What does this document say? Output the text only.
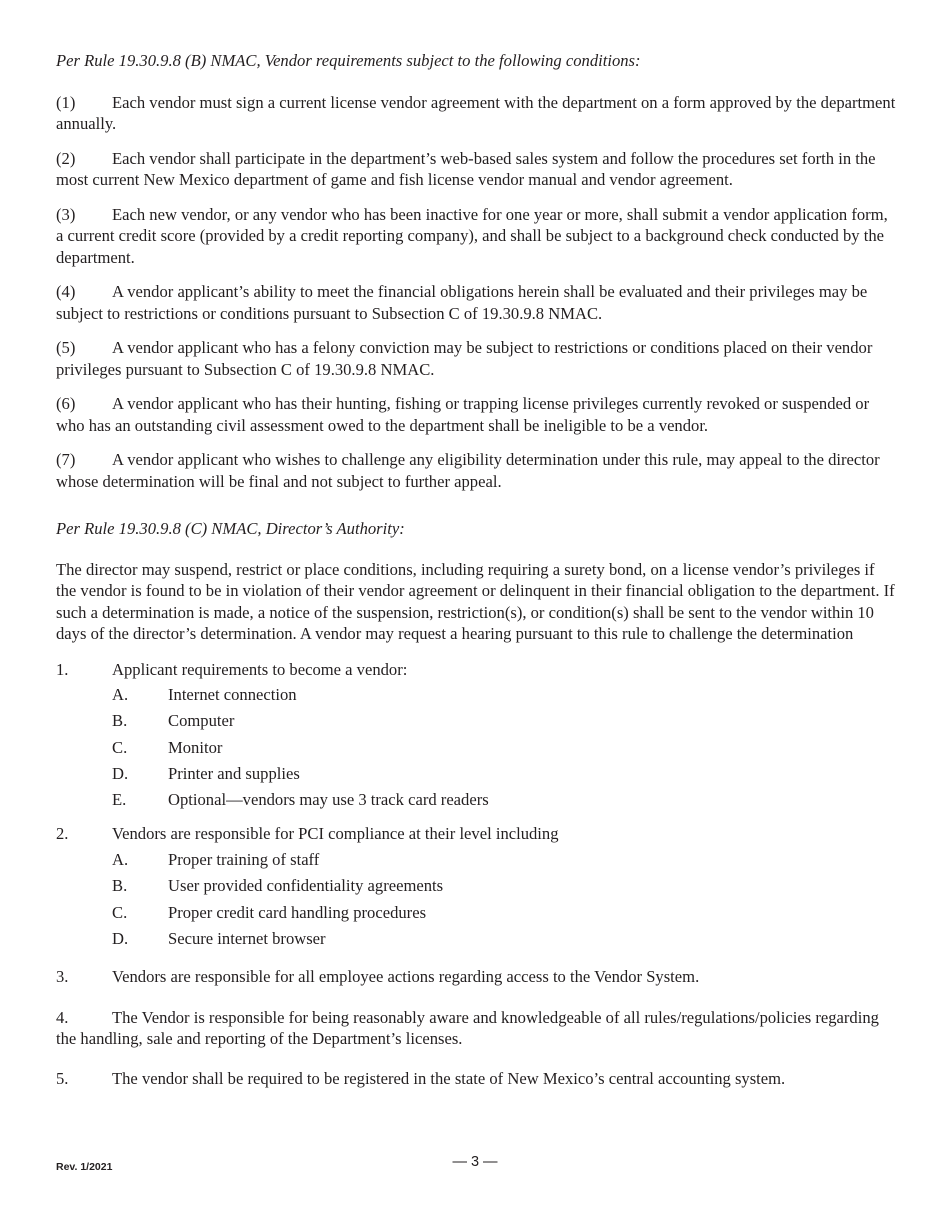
Per Rule 19.30.9.8 (B) NMAC, Vendor requirements subject to the following conditions:

(1) Each vendor must sign a current license vendor agreement with the department on a form approved by the department annually.

(2) Each vendor shall participate in the department’s web-based sales system and follow the procedures set forth in the most current New Mexico department of game and fish license vendor manual and vendor agreement.

(3) Each new vendor, or any vendor who has been inactive for one year or more, shall submit a vendor application form, a current credit score (provided by a credit reporting company), and shall be subject to a background check conducted by the department.

(4) A vendor applicant’s ability to meet the financial obligations herein shall be evaluated and their privileges may be subject to restrictions or conditions pursuant to Subsection C of 19.30.9.8 NMAC.

(5) A vendor applicant who has a felony conviction may be subject to restrictions or conditions placed on their vendor privileges pursuant to Subsection C of 19.30.9.8 NMAC.

(6) A vendor applicant who has their hunting, fishing or trapping license privileges currently revoked or suspended or who has an outstanding civil assessment owed to the department shall be ineligible to be a vendor.

(7) A vendor applicant who wishes to challenge any eligibility determination under this rule, may appeal to the director whose determination will be final and not subject to further appeal.

Per Rule 19.30.9.8 (C) NMAC, Director’s Authority:

The director may suspend, restrict or place conditions, including requiring a surety bond, on a license vendor’s privileges if the vendor is found to be in violation of their vendor agreement or delinquent in their financial obligation to the department. If such a determination is made, a notice of the suspension, restriction(s), or condition(s) shall be sent to the vendor within 10 days of the director’s determination. A vendor may request a hearing pursuant to this rule to challenge the determination

1.	Applicant requirements to become a vendor:
A.	Internet connection
B.	Computer
C.	Monitor
D.	Printer and supplies
E.	Optional—vendors may use 3 track card readers
2.	Vendors are responsible for PCI compliance at their level including
A.	Proper training of staff
B.	User provided confidentiality agreements
C.	Proper credit card handling procedures
D.	Secure internet browser
3.	Vendors are responsible for all employee actions regarding access to the Vendor System.

4.	The Vendor is responsible for being reasonably aware and knowledgeable of all rules/regulations/policies regarding the handling, sale and reporting of the Department’s licenses.

5.	The vendor shall be required to be registered in the state of New Mexico’s central accounting system.
Rev. 1/2021	— 3 —
